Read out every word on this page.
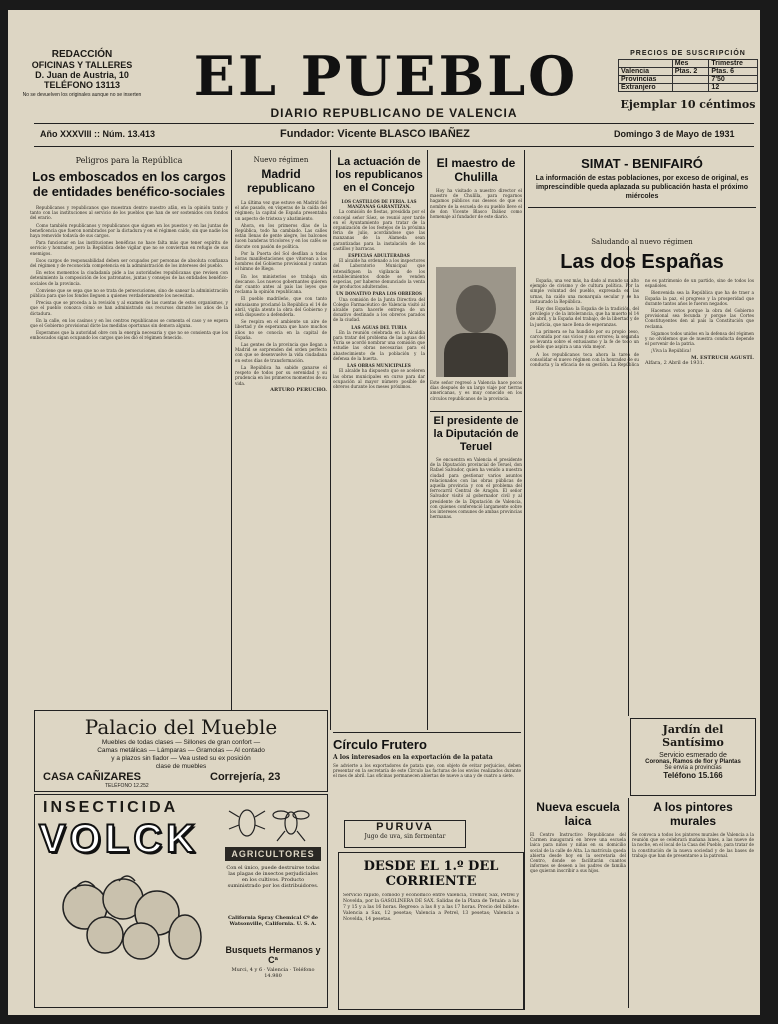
REDACCIÓN
OFICINAS Y TALLERES
D. Juan de Austria, 10
TELÉFONO 13113
No se devuelven los originales aunque no se inserten EL PUEBLO
DIARIO REPUBLICANO DE VALENCIA
PRECIOS DE SUSCRIPCIÓN
	Mes	Trimestre
Valencia	Ptas. 2	Ptas. 6
Provincias		7'50
Extranjero		12
Ejemplar 10 céntimos
Año XXXVIII :: Núm. 13.413	Fundador: Vicente BLASCO IBAÑEZ	Domingo 3 de Mayo de 1931
Peligros para la República
Los emboscados en los cargos de entidades benéfico-sociales

Republicanos y republicanos que muestran dentro nuestro afán, en la opinión tanto y tanto con las instituciones al servicio de los pueblos que han de ser sostenidos con fondos del erario.

Como también republicanos y republicanos que siguen en los puestos y en las juntas de beneficencia que fueron nombrados por la dictadura y en el régimen caído, sin que nadie los haya removido todavía de sus cargos.

Para funcionar en las instituciones benéficas no hace falta más que tener espíritu de servicio y honradez, pero la República debe vigilar que no se conviertan en refugio de sus enemigos.

Esos cargos de responsabilidad deben ser ocupados por personas de absoluta confianza del régimen y de reconocida competencia en la administración de los intereses del pueblo.

En estos momentos la ciudadanía pide a las autoridades republicanas que revisen con detenimiento la composición de los patronatos, juntas y consejos de las entidades benéfico-sociales de la provincia.

Conviene que se sepa que no se trata de persecuciones, sino de sanear la administración pública para que los fondos lleguen a quienes verdaderamente los necesitan.

Precisa que se proceda a la revisión y al examen de las cuentas de estos organismos, y que el pueblo conozca cómo se han administrado sus recursos durante los años de la dictadura.

En la calle, en los casinos y en los centros republicanos se comenta el caso y se espera que el Gobierno provisional dicte las medidas oportunas sin demora alguna.

Esperamos que la autoridad obre con la energía necesaria y que no se consienta que los emboscados sigan ocupando los cargos que les dió el régimen fenecido.

Nuevo régimen
Madrid republicano

La última vez que estuve en Madrid fué el año pasado, en vísperas de la caída del régimen; la capital de España presentaba un aspecto de tristeza y abatimiento.

Ahora, en los primeros días de la República, todo ha cambiado. Las calles están llenas de gente alegre, los balcones lucen banderas tricolores y en los cafés se discute con pasión de política.

Por la Puerta del Sol desfilan a todas horas manifestaciones que vitorean a los hombres del Gobierno provisional y cantan el himno de Riego.

En los ministerios se trabaja sin descanso. Los nuevos gobernantes quieren dar cuanto antes al país las leyes que reclama la opinión republicana.

El pueblo madrileño, que con tanto entusiasmo proclamó la República el 14 de abril, vigila atento la obra del Gobierno y está dispuesto a defenderla.

Se respira en el ambiente un aire de libertad y de esperanza que hace muchos años no se conocía en la capital de España.

Las gentes de la provincia que llegan a Madrid se sorprenden del orden perfecto con que se desenvuelve la vida ciudadana en estos días de transformación.

La República ha sabido ganarse el respeto de todos por su serenidad y su prudencia en los primeros momentos de su vida.

ARTURO PERUCHO.
La actuación de los republicanos en el Concejo
LOS CASTILLOS DE FERIA. LAS MANZANAS GARANTIZAN.

La comisión de fiestas, presidida por el concejal señor Sáez, se reunió ayer tarde en el Ayuntamiento para tratar de la organización de los festejos de la próxima feria de julio, acordándose que las manzanas de la Alameda sean garantizadas para la instalación de los castillos y barracas.

ESPECIAS ADULTERADAS

El alcalde ha ordenado a los inspectores del Laboratorio Municipal que intensifiquen la vigilancia de los establecimientos donde se venden especias, por haberse denunciado la venta de productos adulterados.

UN DONATIVO PARA LOS OBREROS

Una comisión de la Junta Directiva del Colegio Farmacéutico de Valencia visitó al alcalde para hacerle entrega de un donativo destinado a los obreros parados de la ciudad.

LAS AGUAS DEL TURIA

En la reunión celebrada en la Alcaldía para tratar del problema de las aguas del Turia se acordó nombrar una comisión que estudie las obras necesarias para el abastecimiento de la población y la defensa de la huerta.

LAS OBRAS MUNICIPALES

El alcalde ha dispuesto que se aceleren las obras municipales en curso para dar ocupación al mayor número posible de obreros durante los meses próximos.

El maestro de Chulilla

Hoy ha visitado a nuestro director el maestro de Chulilla, para rogarnos hagamos públicos sus deseos de que el nombre de la escuela de su pueblo lleve el de don Vicente Blasco Ibáñez como homenaje al fundador de este diario.

Este señor regresó a Valencia hace pocos días después de un largo viaje por tierras americanas, y es muy conocido en los círculos republicanos de la provincia.
El presidente de la Diputación de Teruel

Se encuentra en Valencia el presidente de la Diputación provincial de Teruel, don Rafael Salvador, quien ha venido a nuestra ciudad para gestionar varios asuntos relacionados con las obras públicas de aquella provincia y con el problema del ferrocarril Central de Aragón. El señor Salvador visitó al gobernador civil y al presidente de la Diputación de Valencia, con quienes conferenció largamente sobre los intereses comunes de ambas provincias hermanas.

SIMAT - BENIFAIRÓ
La información de estas poblaciones, por exceso de original, es imprescindible queda aplazada su publicación hasta el próximo miércoles
Saludando al nuevo régimen
Las dos Españas

España, una vez más, ha dado al mundo un alto ejemplo de civismo y de cultura política. Por la simple voluntad del pueblo, expresada en las urnas, ha caído una monarquía secular y se ha instaurado la República.

Hay dos Españas: la España de la tradición, del privilegio y de la intolerancia, que ha muerto el 14 de abril, y la España del trabajo, de la libertad y de la justicia, que nace llena de esperanzas.

La primera se ha hundido por su propio peso, carcomida por sus vicios y sus errores; la segunda se levanta sobre el entusiasmo y la fe de todo un pueblo que aspira a una vida mejor.

A los republicanos toca ahora la tarea de consolidar el nuevo régimen con la honradez de su conducta y la eficacia de su gestión. La República no es patrimonio de un partido, sino de todos los españoles.

Bienvenida sea la República que ha de traer a España la paz, el progreso y la prosperidad que durante tantos años le fueron negados.

Hacemos votos porque la obra del Gobierno provisional sea fecunda y porque las Cortes Constituyentes den al país la Constitución que reclama.

Sigamos todos unidos en la defensa del régimen y no olvidemos que de nuestra conducta depende el porvenir de la patria.

¡Viva la República!

M. ESTRUCH AGUSTÍ.
Alfara, 2 Abril de 1931.
Jardín del Santísimo
Servicio esmerado de
Coronas, Ramos de flor y Plantas
Se envía a provincias
Teléfono 15.166
Palacio del Mueble
Muebles de todas clases — Sillones de gran confort —
Camas metálicas — Lámparas — Gramolas — Al contado
y a plazos sin fiador — Vea usted su ex posición
clase de muebles
CASA CAÑIZARES	Correjería, 23
TELÉFONO 12.252
INSECTICIDA
VOLCK	AGRICULTORES
Con el único, puede destruirse todas las plagas de insectos perjudiciales en los cultivos. Producto suministrado por los distribuidores.
California Spray Chemical Cº de Watsonville, California. U. S. A.
Busquets Hermanos y Cª
Murci, 4 y 6 · Valencia · Teléfono 14.980
Círculo Frutero
A los interesados en la exportación de la patata
Se advierte a los exportadores de patata que, con objeto de evitar perjuicios, deben presentar en la secretaría de este Círculo las facturas de los envíos realizados durante el mes de abril. Las oficinas permanecen abiertas de nueve a una y de cuatro a siete.
PURUVA
Jugo de uva, sin fermentar
DESDE EL 1.º DEL CORRIENTE
Servicio rápido, cómodo y económico entre Valencia, Tremor, Sax, Petrel y Novelda, por la GASOLINERA DE SAX. Salidas de la Plaza de Tetuán: a las 7 y 15 y a las 16 horas. Regreso: a las 8 y a las 17 horas. Precio del billete: Valencia a Sax, 12 pesetas; Valencia a Petrel, 13 pesetas; Valencia a Novelda, 14 pesetas.
Nueva escuela laica
El Centro Instructivo Republicano del Carmen inaugurará en breve una escuela laica para niños y niñas en su domicilio social de la calle de Alta. La matrícula queda abierta desde hoy en la secretaría del Centro, donde se facilitarán cuantos informes se deseen a los padres de familia que quieran inscribir a sus hijos.
A los pintores murales
Se convoca a todos los pintores murales de Valencia a la reunión que se celebrará mañana lunes, a las nueve de la noche, en el local de la Casa del Pueblo, para tratar de la constitución de la nueva sociedad y de las bases de trabajo que han de presentarse a la patronal.
